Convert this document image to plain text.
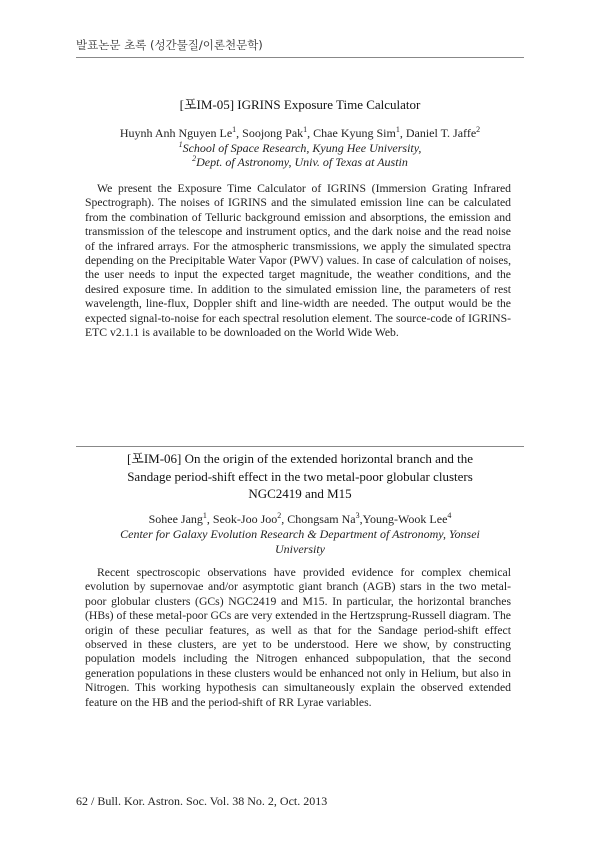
발표논문 초록 (성간물질/이론천문학)
[포IM-05] IGRINS Exposure Time Calculator
Huynh Anh Nguyen Le$^1$, Soojong Pak$^1$, Chae Kyung Sim$^1$, Daniel T. Jaffe$^2$
$^1$School of Space Research, Kyung Hee University,
$^2$Dept. of Astronomy, Univ. of Texas at Austin

We present the Exposure Time Calculator of IGRINS (Immersion Grating Infrared Spectrograph). The noises of IGRINS and the simulated emission line can be calculated from the combination of Telluric background emission and absorptions, the emission and transmission of the telescope and instrument optics, and the dark noise and the read noise of the infrared arrays. For the atmospheric transmissions, we apply the simulated spectra depending on the Precipitable Water Vapor (PWV) values. In case of calculation of noises, the user needs to input the expected target magnitude, the weather conditions, and the desired exposure time. In addition to the simulated emission line, the parameters of rest wavelength, line-flux, Doppler shift and line-width are needed. The output would be the expected signal-to-noise for each spectral resolution element. The source-code of IGRINS-ETC v2.1.1 is available to be downloaded on the World Wide Web.

[포IM-06] On the origin of the extended horizontal branch and the
Sandage period-shift effect in the two metal-poor globular clusters
NGC2419 and M15
Sohee Jang$^1$, Seok-Joo Joo$^2$, Chongsam Na$^3$,Young-Wook Lee$^4$
Center for Galaxy Evolution Research & Department of Astronomy, Yonsei University

Recent spectroscopic observations have provided evidence for complex chemical evolution by supernovae and/or asymptotic giant branch (AGB) stars in the two metal-poor globular clusters (GCs) NGC2419 and M15. In particular, the horizontal branches (HBs) of these metal-poor GCs are very extended in the Hertzsprung-Russell diagram. The origin of these peculiar features, as well as that for the Sandage period-shift effect observed in these clusters, are yet to be understood. Here we show, by constructing population models including the Nitrogen enhanced subpopulation, that the second generation populations in these clusters would be enhanced not only in Helium, but also in Nitrogen. This working hypothesis can simultaneously explain the observed extended feature on the HB and the period-shift of RR Lyrae variables.

62 / Bull. Kor. Astron. Soc. Vol. 38 No. 2, Oct. 2013
